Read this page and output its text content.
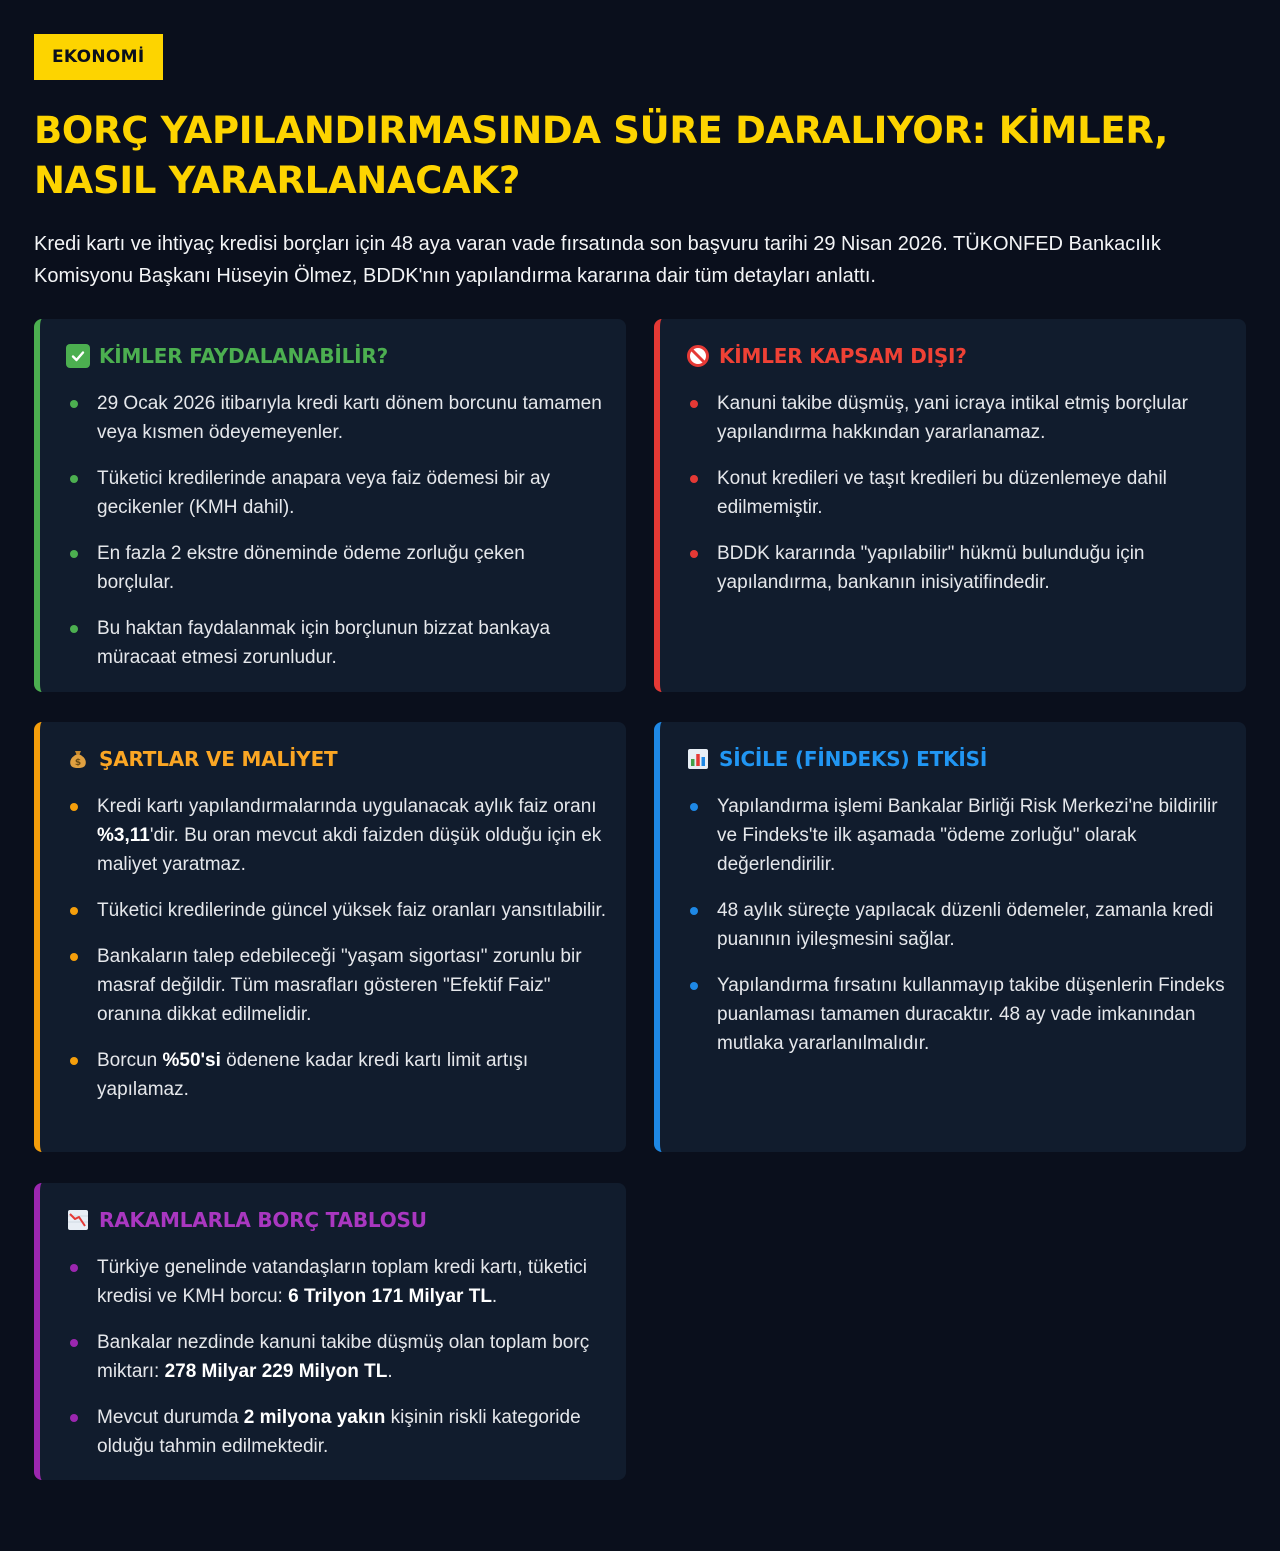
EKONOMİ
BORÇ YAPILANDIRMASINDA SÜRE DARALIYOR: KİMLER, NASIL YARARLANACAK?
Kredi kartı ve ihtiyaç kredisi borçları için 48 aya varan vade fırsatında son başvuru tarihi 29 Nisan 2026. TÜKONFED Bankacılık Komisyonu Başkanı Hüseyin Ölmez, BDDK'nın yapılandırma kararına dair tüm detayları anlattı.
KİMLER FAYDALANABİLİR?
29 Ocak 2026 itibarıyla kredi kartı dönem borcunu tamamen veya kısmen ödeyemeyenler.
Tüketici kredilerinde anapara veya faiz ödemesi bir ay gecikenler (KMH dahil).
En fazla 2 ekstre döneminde ödeme zorluğu çeken borçlular.
Bu haktan faydalanmak için borçlunun bizzat bankaya müracaat etmesi zorunludur.
KİMLER KAPSAM DIŞI?
Kanuni takibe düşmüş, yani icraya intikal etmiş borçlular yapılandırma hakkından yararlanamaz.
Konut kredileri ve taşıt kredileri bu düzenlemeye dahil edilmemiştir.
BDDK kararında "yapılabilir" hükmü bulunduğu için yapılandırma, bankanın inisiyatifindedir.
$ ŞARTLAR VE MALİYET
Kredi kartı yapılandırmalarında uygulanacak aylık faiz oranı %3,11'dir. Bu oran mevcut akdi faizden düşük olduğu için ek maliyet yaratmaz.
Tüketici kredilerinde güncel yüksek faiz oranları yansıtılabilir.
Bankaların talep edebileceği "yaşam sigortası" zorunlu bir masraf değildir. Tüm masrafları gösteren "Efektif Faiz" oranına dikkat edilmelidir.
Borcun %50'si ödenene kadar kredi kartı limit artışı yapılamaz.
SİCİLE (FİNDEKS) ETKİSİ
Yapılandırma işlemi Bankalar Birliği Risk Merkezi'ne bildirilir ve Findeks'te ilk aşamada "ödeme zorluğu" olarak değerlendirilir.
48 aylık süreçte yapılacak düzenli ödemeler, zamanla kredi puanının iyileşmesini sağlar.
Yapılandırma fırsatını kullanmayıp takibe düşenlerin Findeks puanlaması tamamen duracaktır. 48 ay vade imkanından mutlaka yararlanılmalıdır.
RAKAMLARLA BORÇ TABLOSU
Türkiye genelinde vatandaşların toplam kredi kartı, tüketici kredisi ve KMH borcu: 6 Trilyon 171 Milyar TL.
Bankalar nezdinde kanuni takibe düşmüş olan toplam borç miktarı: 278 Milyar 229 Milyon TL.
Mevcut durumda 2 milyona yakın kişinin riskli kategoride olduğu tahmin edilmektedir.
